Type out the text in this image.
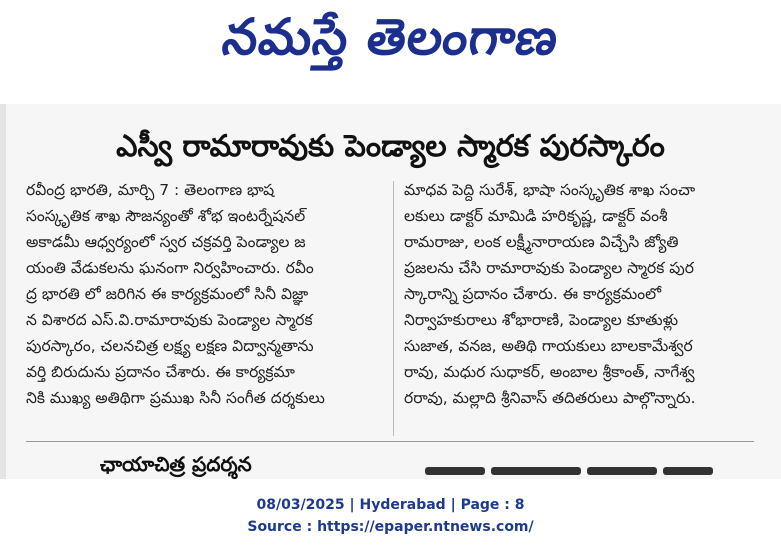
నమస్తే తెలంగాణ
ఎస్వీ రామారావుకు పెండ్యాల స్మారక పురస్కారం
రవీంద్ర భారతి, మార్చి 7 : తెలంగాణ భాష
సంస్కృతిక శాఖ సౌజన్యంతో శోభ ఇంటర్నేషనల్
అకాడమీ ఆధ్వర్యంలో స్వర చక్రవర్తి పెండ్యాల జ
యంతి వేడుకలను ఘనంగా నిర్వహించారు. రవీం
ద్ర భారతి లో జరిగిన ఈ కార్యక్రమంలో సినీ విజ్ఞా
న విశారద ఎస్.వి.రామారావుకు పెండ్యాల స్మారక
పురస్కారం, చలనచిత్ర లక్ష్య లక్షణ విద్వాన్మతాను
వర్తి బిరుదును ప్రదానం చేశారు. ఈ కార్యక్రమా
నికి ముఖ్య అతిథిగా ప్రముఖ సినీ సంగీత దర్శకులు
మాధవ పెద్ది సురేశ్, భాషా సంస్కృతిక శాఖ సంచా
లకులు డాక్టర్ మామిడి హరికృష్ణ, డాక్టర్ వంశీ
రామరాజు, లంక లక్ష్మీనారాయణ విచ్చేసి జ్యోతి
ప్రజలను చేసి రామారావుకు పెండ్యాల స్మారక పుర
స్కారాన్ని ప్రదానం చేశారు. ఈ కార్యక్రమంలో
నిర్వాహకురాలు శోభారాణి, పెండ్యాల కూతుళ్లు
సుజాత, వనజ, అతిథి గాయకులు బాలకామేశ్వర
రావు, మధుర సుధాకర్, అంబాల శ్రీకాంత్, నాగేశ్వ
రరావు, మల్లాది శ్రీనివాస్ తదితరులు పాల్గొన్నారు.
ఛాయాచిత్ర ప్రదర్శన
08/03/2025 | Hyderabad | Page : 8
Source : https://epaper.ntnews.com/
